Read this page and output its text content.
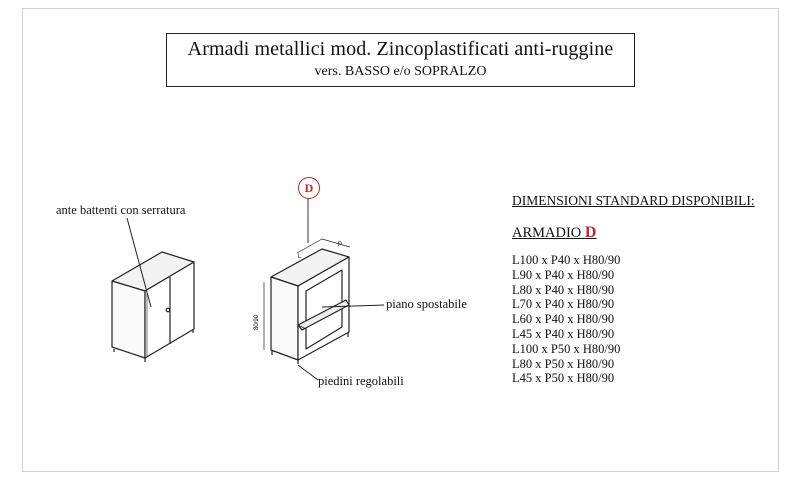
Armadi metallici mod. Zincoplastificati anti-ruggine
vers. BASSO e/o SOPRALZO
L
P
80/90
D
ante battenti con serratura
piano spostabile
piedini regolabili
DIMENSIONI STANDARD DISPONIBILI:
ARMADIO D
L100 x P40 x H80/90
L90 x P40 x H80/90
L80 x P40 x H80/90
L70 x P40 x H80/90
L60 x P40 x H80/90
L45 x P40 x H80/90
L100 x P50 x H80/90
L80 x P50 x H80/90
L45 x P50 x H80/90
